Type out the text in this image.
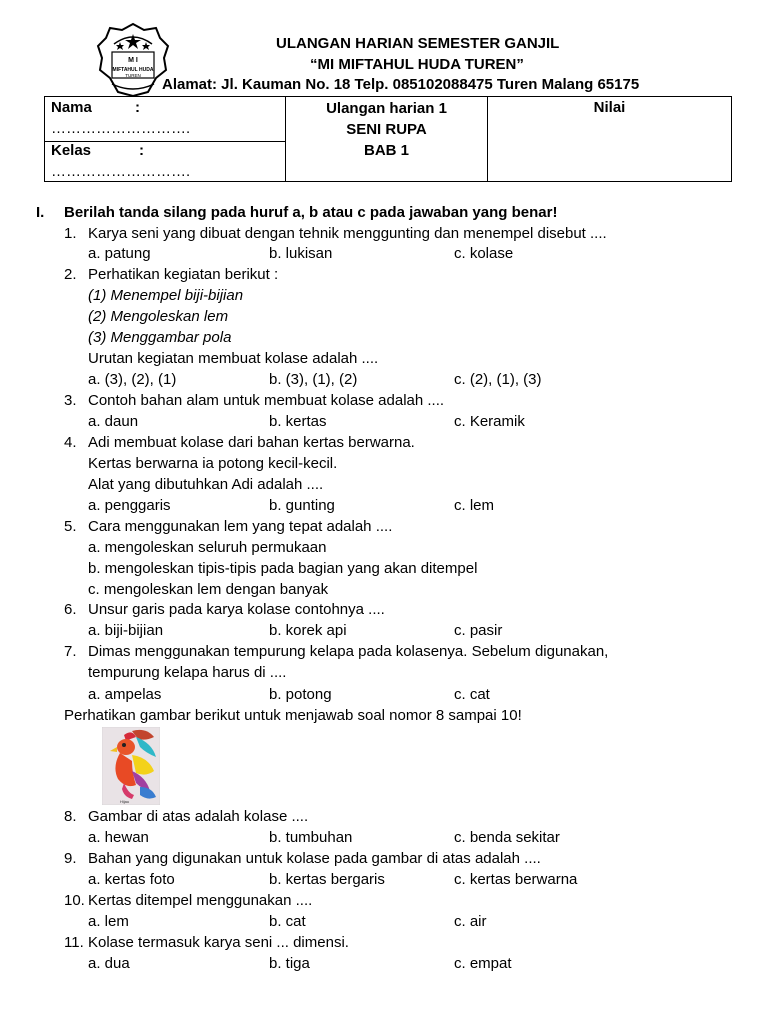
M I
MIFTAHUL HUDA
TUREN
ULANGAN HARIAN SEMESTER GANJIL
“MI MIFTAHUL HUDA TUREN”
Alamat: Jl. Kauman No. 18 Telp. 085102088475 Turen Malang 65175
Nama	:
……………………….
Kelas	:
……………………….

Ulangan harian 1
SENI RUPA
BAB 1

Nilai
I. Berilah tanda silang pada huruf a, b atau c pada jawaban yang benar!
1. Karya seni yang dibuat dengan tehnik menggunting dan menempel disebut ....
a. patung	b. lukisan	c. kolase
2. Perhatikan kegiatan berikut :
(1) Menempel biji-bijian
(2) Mengoleskan lem
(3) Menggambar pola
Urutan kegiatan membuat kolase adalah ....
a. (3), (2), (1)	b. (3), (1), (2)	c. (2), (1), (3)
3. Contoh bahan alam untuk membuat kolase adalah ....
a. daun	b. kertas	c. Keramik
4. Adi membuat kolase dari bahan kertas berwarna.
Kertas berwarna ia potong kecil-kecil.
Alat yang dibutuhkan Adi adalah ....
a. penggaris	b. gunting	c. lem
5. Cara menggunakan lem yang tepat adalah ....
a. mengoleskan seluruh permukaan
b. mengoleskan tipis-tipis pada bagian yang akan ditempel
c. mengoleskan lem dengan banyak
6. Unsur garis pada karya kolase contohnya ....
a. biji-bijian	b. korek api	c. pasir
7. Dimas menggunakan tempurung kelapa pada kolasenya. Sebelum digunakan,
tempurung kelapa harus di ....
a. ampelas	b. potong	c. cat
Perhatikan gambar berikut untuk menjawab soal nomor 8 sampai 10!
Hijau
8. Gambar di atas adalah kolase ....
a. hewan	b. tumbuhan	c. benda sekitar
9. Bahan yang digunakan untuk kolase pada gambar di atas adalah ....
a. kertas foto	b. kertas bergaris	c. kertas berwarna
10. Kertas ditempel menggunakan ....
a. lem	b. cat	c. air
11. Kolase termasuk karya seni ... dimensi.
a. dua	b. tiga	c. empat
